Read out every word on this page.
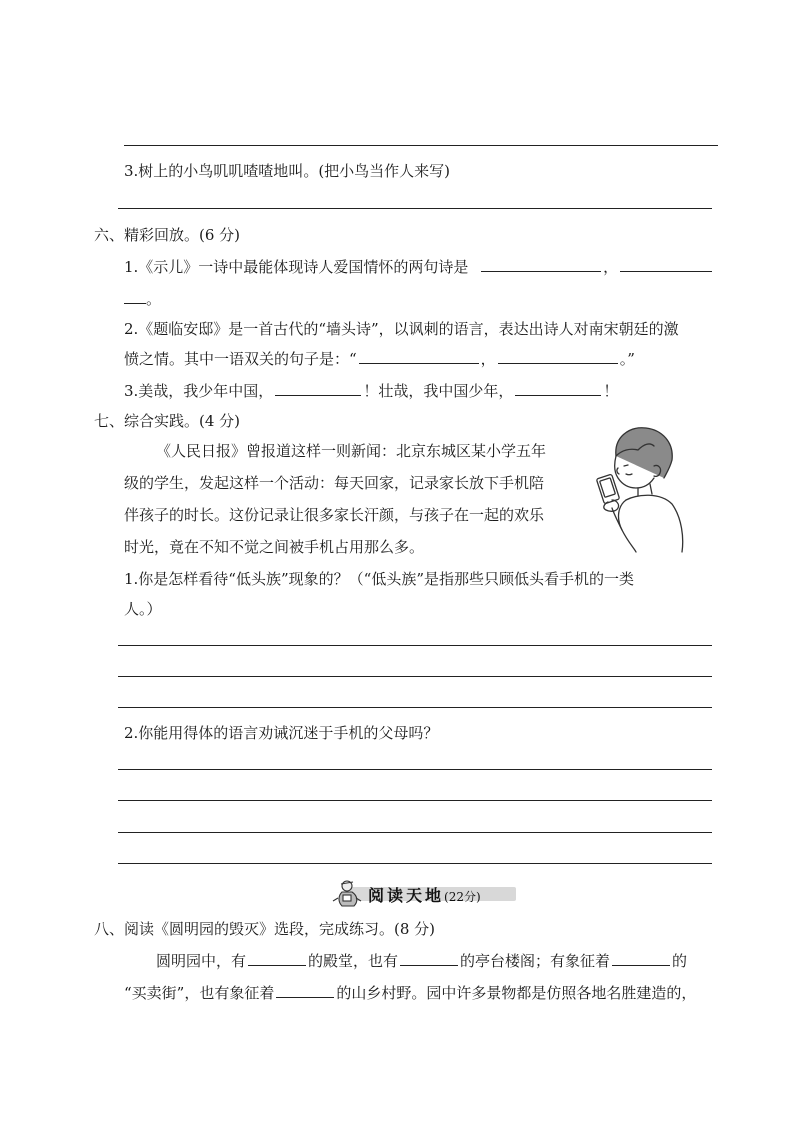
3.树上的小鸟叽叽喳喳地叫。(把小鸟当作人来写)
六、精彩回放。(6 分)
1.《示儿》一诗中最能体现诗人爱国情怀的两句诗是	，
。
2.《题临安邸》是一首古代的“墙头诗”，以讽刺的语言，表达出诗人对南宋朝廷的激
愤之情。其中一语双关的句子是：“	，	。”
3.美哉，我少年中国，	！壮哉，我中国少年，	！
七、综合实践。(4 分)
《人民日报》曾报道这样一则新闻：北京东城区某小学五年
级的学生，发起这样一个活动：每天回家，记录家长放下手机陪
伴孩子的时长。这份记录让很多家长汗颜，与孩子在一起的欢乐
时光，竟在不知不觉之间被手机占用那么多。
1.你是怎样看待“低头族”现象的？（“低头族”是指那些只顾低头看手机的一类
人。）
2.你能用得体的语言劝诫沉迷于手机的父母吗？
阅读天地(22分)
八、阅读《圆明园的毁灭》选段，完成练习。(8 分)
圆明园中，有	的殿堂，也有	的亭台楼阁；有象征着	的
“买卖街”，也有象征着	的山乡村野。园中许多景物都是仿照各地名胜建造的，
